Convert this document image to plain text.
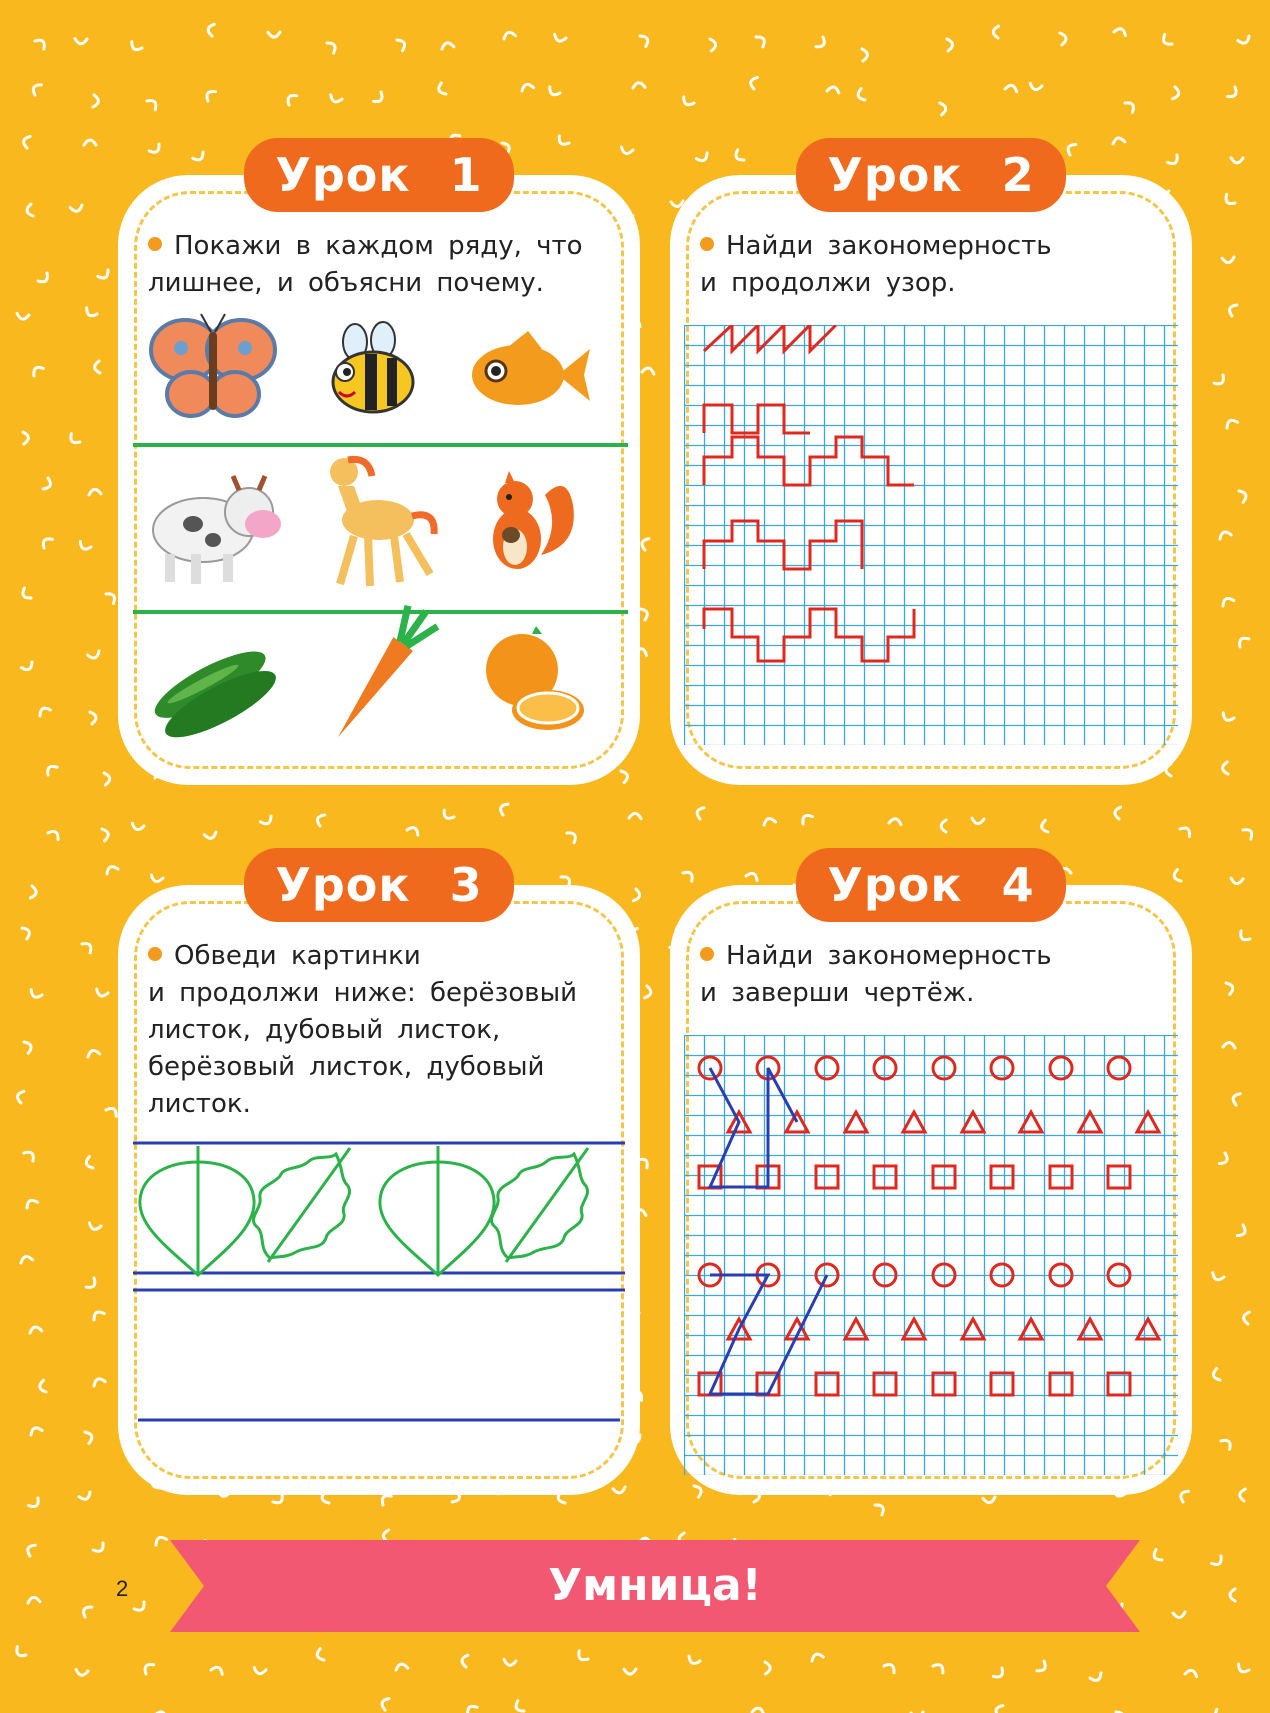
Урок 1
Покажи в каждом ряду, что
лишнее, и объясни почему.
Урок 2
Найди закономерность
и продолжи узор.
Урок 3
Обведи картинки
и продолжи ниже: берёзовый
листок, дубовый листок,
берёзовый листок, дубовый
листок.
Урок 4
Найди закономерность
и заверши чертёж.
Умница!
2
